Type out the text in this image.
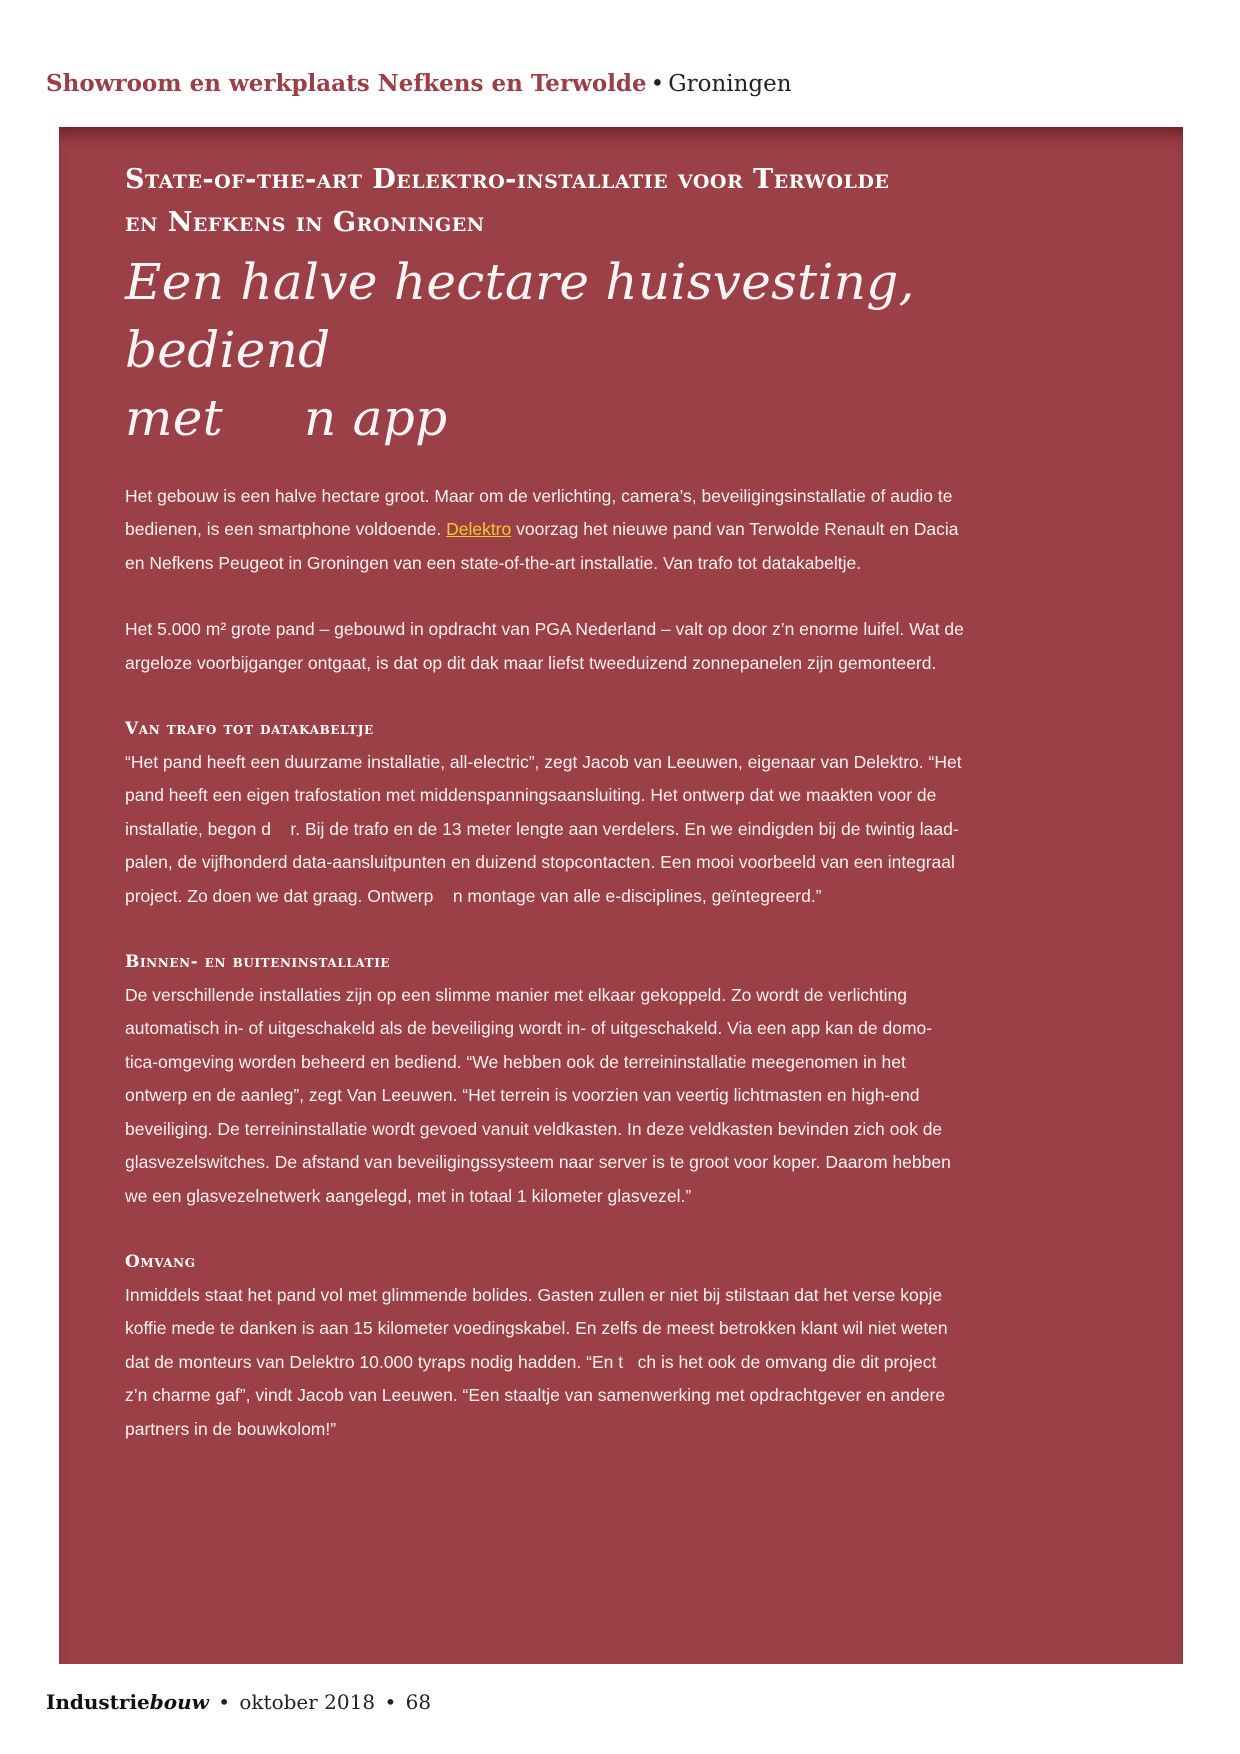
Showroom en werkplaats Nefkens en Terwolde • Groningen
State-of-the-art Delektro-installatie voor Terwolde
en Nefkens in Groningen
Een halve hectare huisvesting, bediend
met     n app

Het gebouw is een halve hectare groot. Maar om de verlichting, camera’s, beveiligingsinstallatie of audio te
bedienen, is een smartphone voldoende. Delektro voorzag het nieuwe pand van Terwolde Renault en Dacia
en Nefkens Peugeot in Groningen van een state-of-the-art installatie. Van trafo tot datakabeltje.

Het 5.000 m² grote pand – gebouwd in opdracht van PGA Nederland – valt op door z’n enorme luifel. Wat de
argeloze voorbijganger ontgaat, is dat op dit dak maar liefst tweeduizend zonnepanelen zijn gemonteerd.

Van trafo tot datakabeltje

“Het pand heeft een duurzame installatie, all-electric”, zegt Jacob van Leeuwen, eigenaar van Delektro. “Het
pand heeft een eigen trafostation met middenspanningsaansluiting. Het ontwerp dat we maakten voor de
installatie, begon d    r. Bij de trafo en de 13 meter lengte aan verdelers. En we eindigden bij de twintig laad-
palen, de vijfhonderd data-aansluitpunten en duizend stopcontacten. Een mooi voorbeeld van een integraal
project. Zo doen we dat graag. Ontwerp    n montage van alle e-disciplines, geïntegreerd.”

Binnen- en buiteninstallatie

De verschillende installaties zijn op een slimme manier met elkaar gekoppeld. Zo wordt de verlichting
automatisch in- of uitgeschakeld als de beveiliging wordt in- of uitgeschakeld. Via een app kan de domo-
tica-omgeving worden beheerd en bediend. “We hebben ook de terreininstallatie meegenomen in het
ontwerp en de aanleg”, zegt Van Leeuwen. “Het terrein is voorzien van veertig lichtmasten en high-end
beveiliging. De terreininstallatie wordt gevoed vanuit veldkasten. In deze veldkasten bevinden zich ook de
glasvezelswitches. De afstand van beveiligingssysteem naar server is te groot voor koper. Daarom hebben
we een glasvezelnetwerk aangelegd, met in totaal 1 kilometer glasvezel.”

Omvang

Inmiddels staat het pand vol met glimmende bolides. Gasten zullen er niet bij stilstaan dat het verse kopje
koffie mede te danken is aan 15 kilometer voedingskabel. En zelfs de meest betrokken klant wil niet weten
dat de monteurs van Delektro 10.000 tyraps nodig hadden. “En t   ch is het ook de omvang die dit project
z’n charme gaf”, vindt Jacob van Leeuwen. “Een staaltje van samenwerking met opdrachtgever en andere
partners in de bouwkolom!”

Industriebouw • oktober 2018 • 68
